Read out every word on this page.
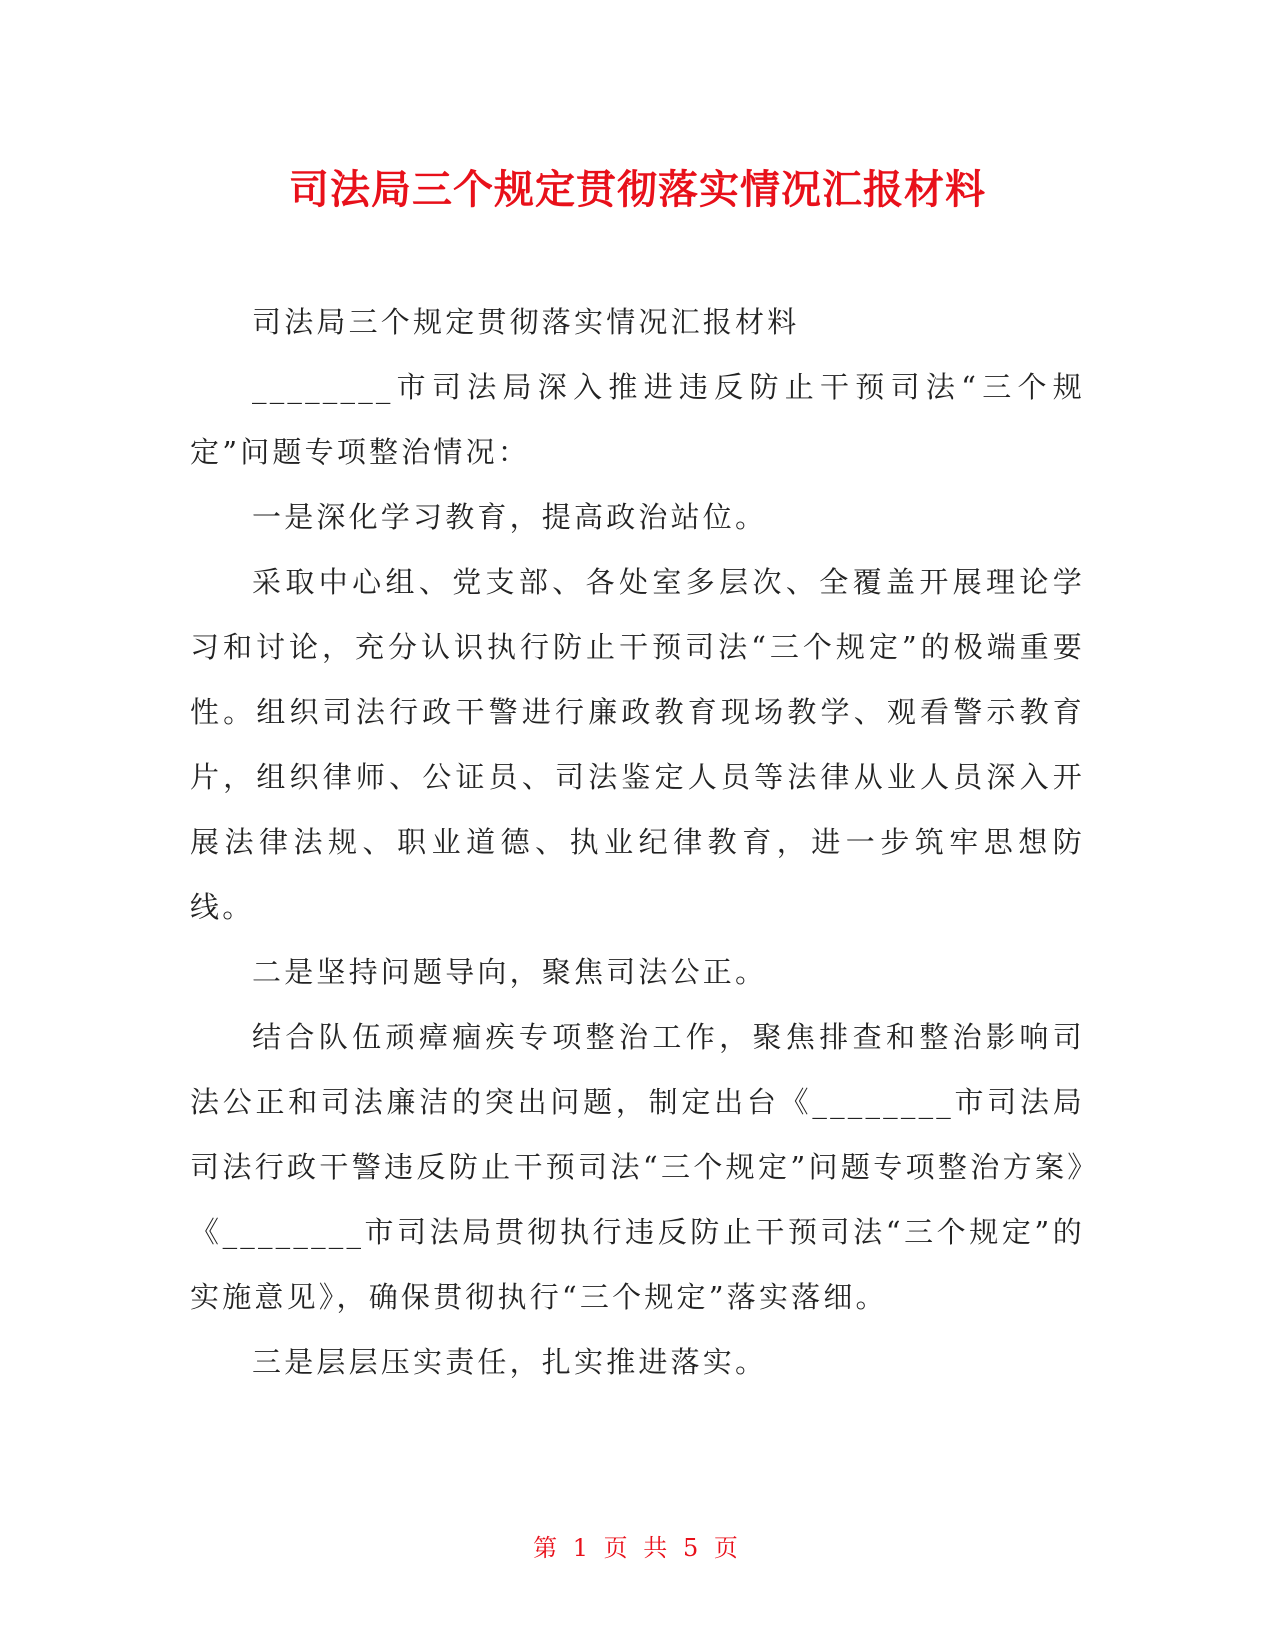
司法局三个规定贯彻落实情况汇报材料

司法局三个规定贯彻落实情况汇报材料

________市司法局深入推进违反防止干预司法“三个规定”问题专项整治情况：

一是深化学习教育，提高政治站位。

采取中心组、党支部、各处室多层次、全覆盖开展理论学习和讨论，充分认识执行防止干预司法“三个规定”的极端重要性。组织司法行政干警进行廉政教育现场教学、观看警示教育片，组织律师、公证员、司法鉴定人员等法律从业人员深入开展法律法规、职业道德、执业纪律教育，进一步筑牢思想防线。

二是坚持问题导向，聚焦司法公正。

结合队伍顽瘴痼疾专项整治工作，聚焦排查和整治影响司法公正和司法廉洁的突出问题，制定出台《________市司法局司法行政干警违反防止干预司法“三个规定”问题专项整治方案》《________市司法局贯彻执行违反防止干预司法“三个规定”的实施意见》，确保贯彻执行“三个规定”落实落细。

三是层层压实责任，扎实推进落实。

第 1 页 共 5 页
